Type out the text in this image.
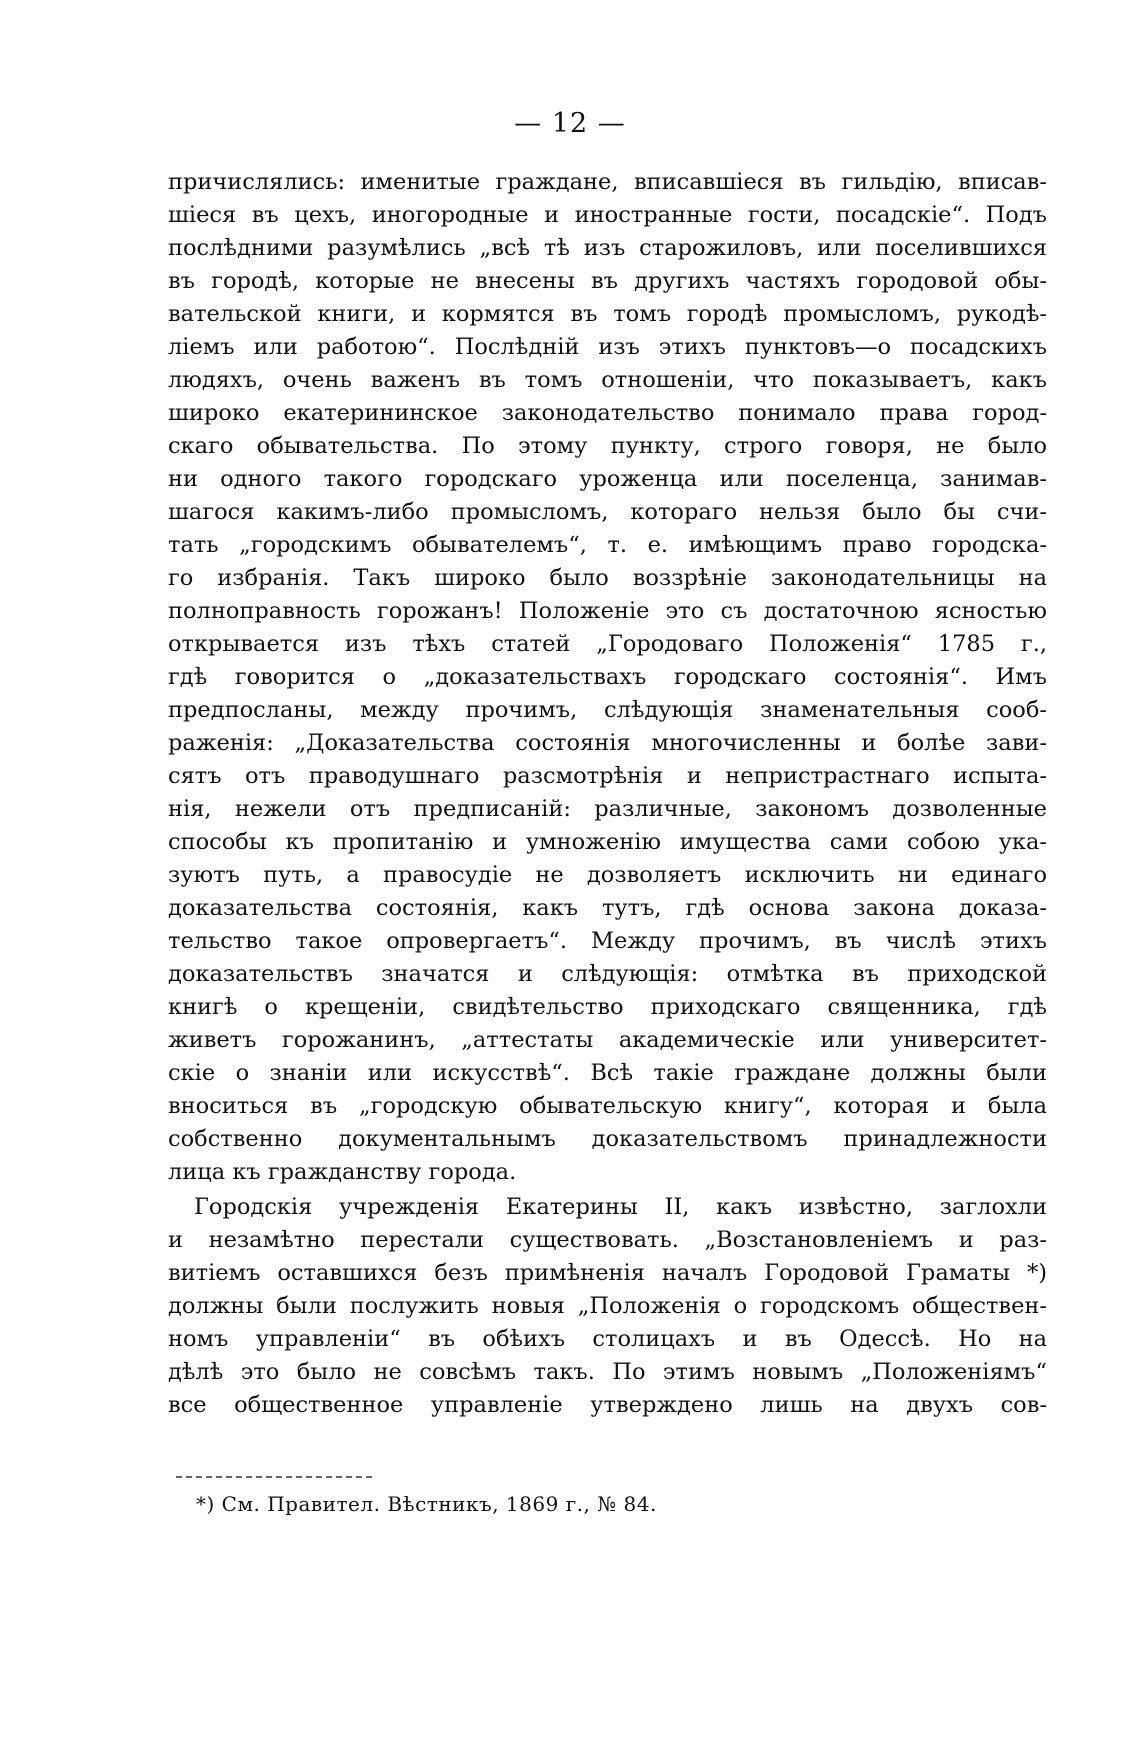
— 12 —
причислялись: именитые граждане, вписавшіеся въ гильдію, вписав-
шіеся въ цехъ, иногородные и иностранные гости, посадскіе“. Подъ
послѣдними разумѣлись „всѣ тѣ изъ старожиловъ, или поселившихся
въ городѣ, которые не внесены въ другихъ частяхъ городовой обы-
вательской книги, и кормятся въ томъ городѣ промысломъ, рукодѣ-
ліемъ или работою“. Послѣдній изъ этихъ пунктовъ—о посадскихъ
людяхъ, очень важенъ въ томъ отношеніи, что показываетъ, какъ
широко екатерининское законодательство понимало права город-
скаго обывательства. По этому пункту, строго говоря, не было
ни одного такого городскаго уроженца или поселенца, занимав-
шагося какимъ-либо промысломъ, котораго нельзя было бы счи-
тать „городскимъ обывателемъ“, т. е. имѣющимъ право городска-
го избранія. Такъ широко было воззрѣніе законодательницы на
полноправность горожанъ! Положеніе это съ достаточною ясностью
открывается изъ тѣхъ статей „Городоваго Положенія“ 1785 г.,
гдѣ говорится о „доказательствахъ городскаго состоянія“. Имъ
предпосланы, между прочимъ, слѣдующія знаменательныя сооб-
раженія: „Доказательства состоянія многочисленны и болѣе зави-
сятъ отъ праводушнаго разсмотрѣнія и непристрастнаго испыта-
нія, нежели отъ предписаній: различные, закономъ дозволенные
способы къ пропитанію и умноженію имущества сами собою ука-
зуютъ путь, а правосудіе не дозволяетъ исключить ни единаго
доказательства состоянія, какъ тутъ, гдѣ основа закона доказа-
тельство такое опровергаетъ“. Между прочимъ, въ числѣ этихъ
доказательствъ значатся и слѣдующія: отмѣтка въ приходской
книгѣ о крещеніи, свидѣтельство приходскаго священника, гдѣ
живетъ горожанинъ, „аттестаты академическіе или университет-
скіе о знаніи или искусствѣ“. Всѣ такіе граждане должны были
вноситься въ „городскую обывательскую книгу“, которая и была
собственно документальнымъ доказательствомъ принадлежности
лица къ гражданству города.
Городскія учрежденія Екатерины II, какъ извѣстно, заглохли
и незамѣтно перестали существовать. „Возстановленіемъ и раз-
витіемъ оставшихся безъ примѣненія началъ Городовой Граматы *)
должны были послужить новыя „Положенія о городскомъ обществен-
номъ управленіи“ въ обѣихъ столицахъ и въ Одессѣ. Но на
дѣлѣ это было не совсѣмъ такъ. По этимъ новымъ „Положеніямъ“
все общественное управленіе утверждено лишь на двухъ сов-
*) См. Правител. Вѣстникъ, 1869 г., № 84.
